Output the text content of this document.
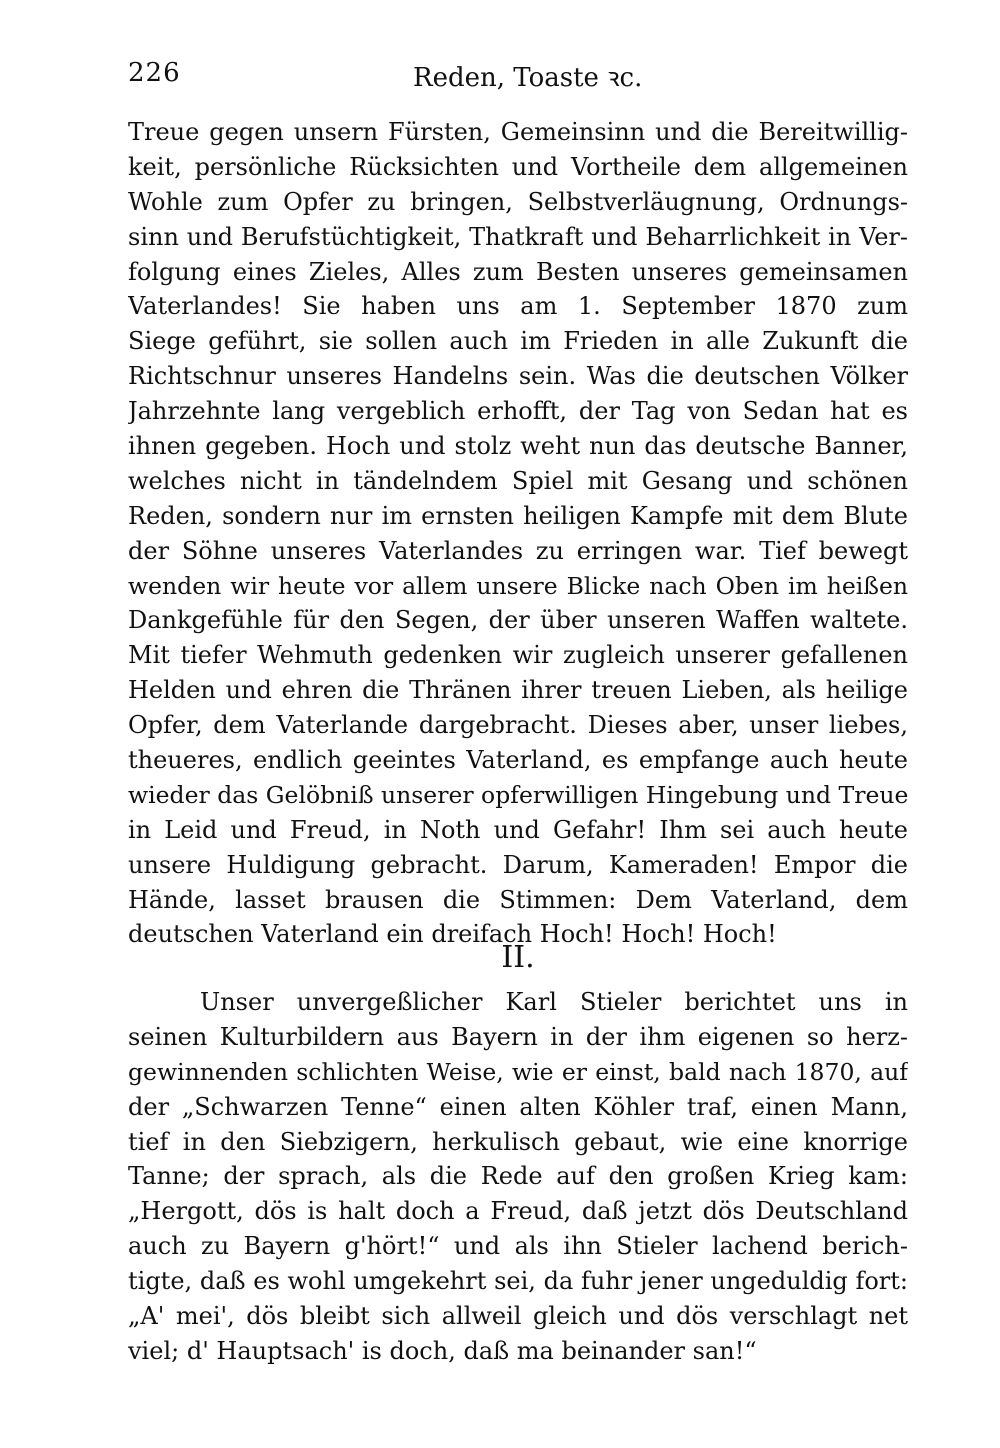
226	Reden, Toaste ꝛc.
Treue gegen unsern Fürsten, Gemeinsinn und die Bereitwillig-
keit, persönliche Rücksichten und Vortheile dem allgemeinen
Wohle zum Opfer zu bringen, Selbstverläugnung, Ordnungs-
sinn und Berufstüchtigkeit, Thatkraft und Beharrlichkeit in Ver-
folgung eines Zieles, Alles zum Besten unseres gemeinsamen
Vaterlandes! Sie haben uns am 1. September 1870 zum
Siege geführt, sie sollen auch im Frieden in alle Zukunft die
Richtschnur unseres Handelns sein. Was die deutschen Völker
Jahrzehnte lang vergeblich erhofft, der Tag von Sedan hat es
ihnen gegeben. Hoch und stolz weht nun das deutsche Banner,
welches nicht in tändelndem Spiel mit Gesang und schönen
Reden, sondern nur im ernsten heiligen Kampfe mit dem Blute
der Söhne unseres Vaterlandes zu erringen war. Tief bewegt
wenden wir heute vor allem unsere Blicke nach Oben im heißen
Dankgefühle für den Segen, der über unseren Waffen waltete.
Mit tiefer Wehmuth gedenken wir zugleich unserer gefallenen
Helden und ehren die Thränen ihrer treuen Lieben, als heilige
Opfer, dem Vaterlande dargebracht. Dieses aber, unser liebes,
theueres, endlich geeintes Vaterland, es empfange auch heute
wieder das Gelöbniß unserer opferwilligen Hingebung und Treue
in Leid und Freud, in Noth und Gefahr! Ihm sei auch heute
unsere Huldigung gebracht. Darum, Kameraden! Empor die
Hände, lasset brausen die Stimmen: Dem Vaterland, dem
deutschen Vaterland ein dreifach Hoch! Hoch! Hoch!
II.
Unser unvergeßlicher Karl Stieler berichtet uns in
seinen Kulturbildern aus Bayern in der ihm eigenen so herz-
gewinnenden schlichten Weise, wie er einst, bald nach 1870, auf
der „Schwarzen Tenne“ einen alten Köhler traf, einen Mann,
tief in den Siebzigern, herkulisch gebaut, wie eine knorrige
Tanne; der sprach, als die Rede auf den großen Krieg kam:
„Hergott, dös is halt doch a Freud, daß jetzt dös Deutschland
auch zu Bayern g'hört!“ und als ihn Stieler lachend berich-
tigte, daß es wohl umgekehrt sei, da fuhr jener ungeduldig fort:
„A' mei', dös bleibt sich allweil gleich und dös verschlagt net
viel; d' Hauptsach' is doch, daß ma beinander san!“
